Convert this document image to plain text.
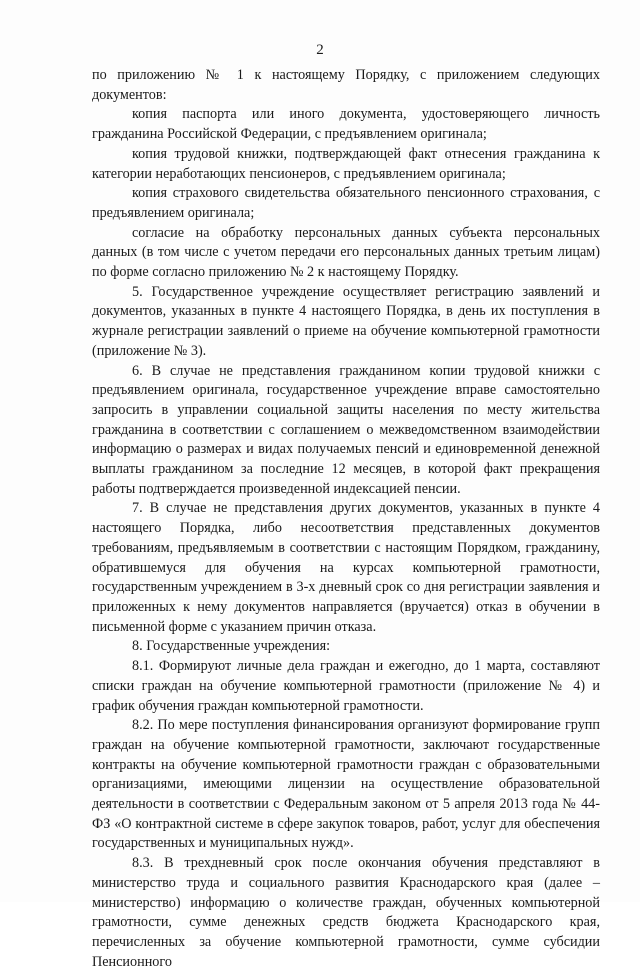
2

по приложению № 1 к настоящему Порядку, с приложением следующих документов:

копия паспорта или иного документа, удостоверяющего личность гражданина Российской Федерации, с предъявлением оригинала;

копия трудовой книжки, подтверждающей факт отнесения гражданина к категории неработающих пенсионеров, с предъявлением оригинала;

копия страхового свидетельства обязательного пенсионного страхования, с предъявлением оригинала;

согласие на обработку персональных данных субъекта персональных данных (в том числе с учетом передачи его персональных данных третьим лицам) по форме согласно приложению № 2 к настоящему Порядку.

5. Государственное учреждение осуществляет регистрацию заявлений и документов, указанных в пункте 4 настоящего Порядка, в день их поступления в журнале регистрации заявлений о приеме на обучение компьютерной грамотности (приложение № 3).

6. В случае не представления гражданином копии трудовой книжки с предъявлением оригинала, государственное учреждение вправе самостоятельно запросить в управлении социальной защиты населения по месту жительства гражданина в соответствии с соглашением о межведомственном взаимодействии информацию о размерах и видах получаемых пенсий и единовременной денежной выплаты гражданином за последние 12 месяцев, в которой факт прекращения работы подтверждается произведенной индексацией пенсии.

7. В случае не представления других документов, указанных в пункте 4 настоящего Порядка, либо несоответствия представленных документов требованиям, предъявляемым в соответствии с настоящим Порядком, гражданину, обратившемуся для обучения на курсах компьютерной грамотности, государственным учреждением в 3-х дневный срок со дня регистрации заявления и приложенных к нему документов направляется (вручается) отказ в обучении в письменной форме с указанием причин отказа.

8. Государственные учреждения:

8.1. Формируют личные дела граждан и ежегодно, до 1 марта, составляют списки граждан на обучение компьютерной грамотности (приложение № 4) и график обучения граждан компьютерной грамотности.

8.2. По мере поступления финансирования организуют формирование групп граждан на обучение компьютерной грамотности, заключают государственные контракты на обучение компьютерной грамотности граждан с образовательными организациями, имеющими лицензии на осуществление образовательной деятельности в соответствии с Федеральным законом от 5 апреля 2013 года № 44-ФЗ «О контрактной системе в сфере закупок товаров, работ, услуг для обеспечения государственных и муниципальных нужд».

8.3. В трехдневный срок после окончания обучения представляют в министерство труда и социального развития Краснодарского края (далее – министерство) информацию о количестве граждан, обученных компьютерной грамотности, сумме денежных средств бюджета Краснодарского края, перечисленных за обучение компьютерной грамотности, сумме субсидии Пенсионного
